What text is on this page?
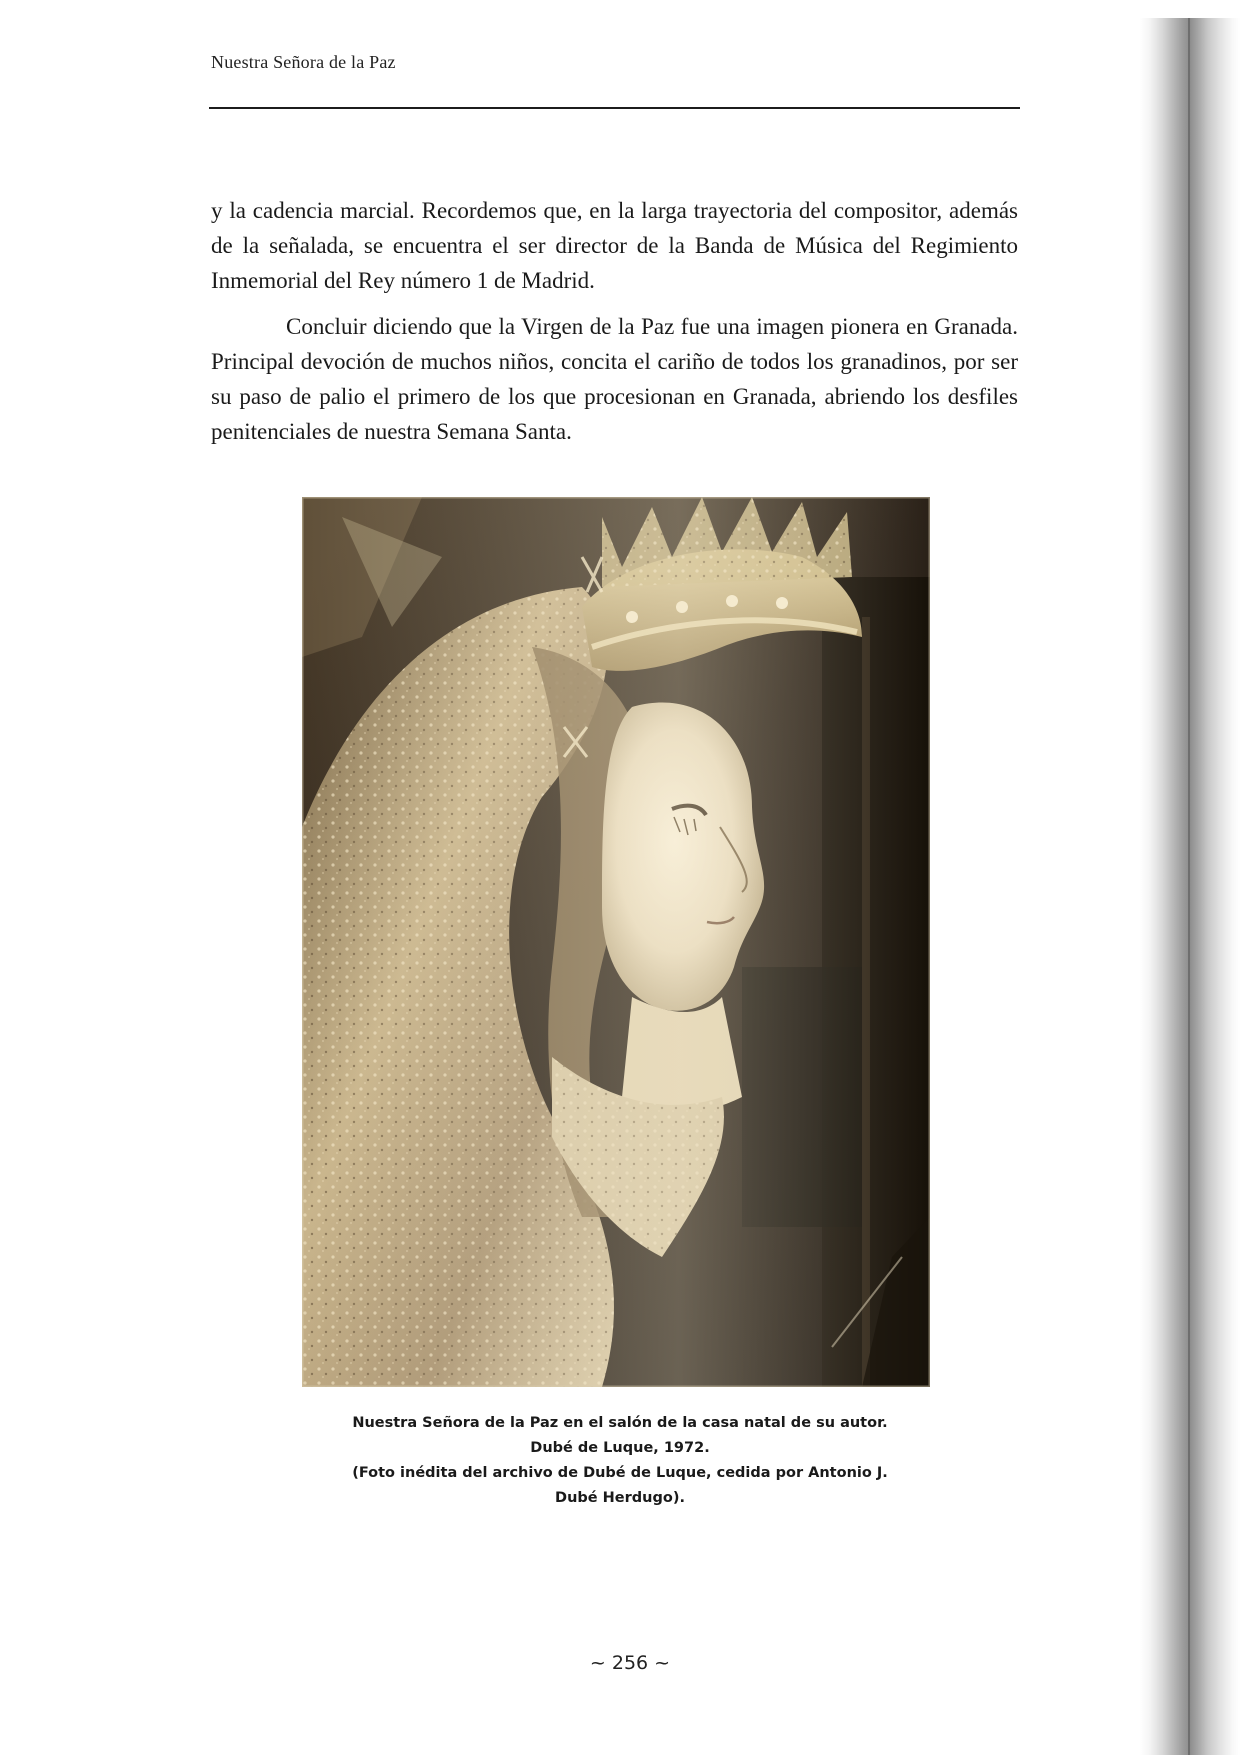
Nuestra Señora de la Paz

y la cadencia marcial. Recordemos que, en la larga trayectoria del compositor, además de la señalada, se encuentra el ser director de la Banda de Música del Regimiento Inmemorial del Rey número 1 de Madrid.

Concluir diciendo que la Virgen de la Paz fue una imagen pionera en Granada. Principal devoción de muchos niños, concita el cariño de todos los granadinos, por ser su paso de palio el primero de los que procesionan en Granada, abriendo los desfiles penitenciales de nuestra Semana Santa.

Nuestra Señora de la Paz en el salón de la casa natal de su autor.
Dubé de Luque, 1972.
(Foto inédita del archivo de Dubé de Luque, cedida por Antonio J.
Dubé Herdugo).
~ 256 ~
